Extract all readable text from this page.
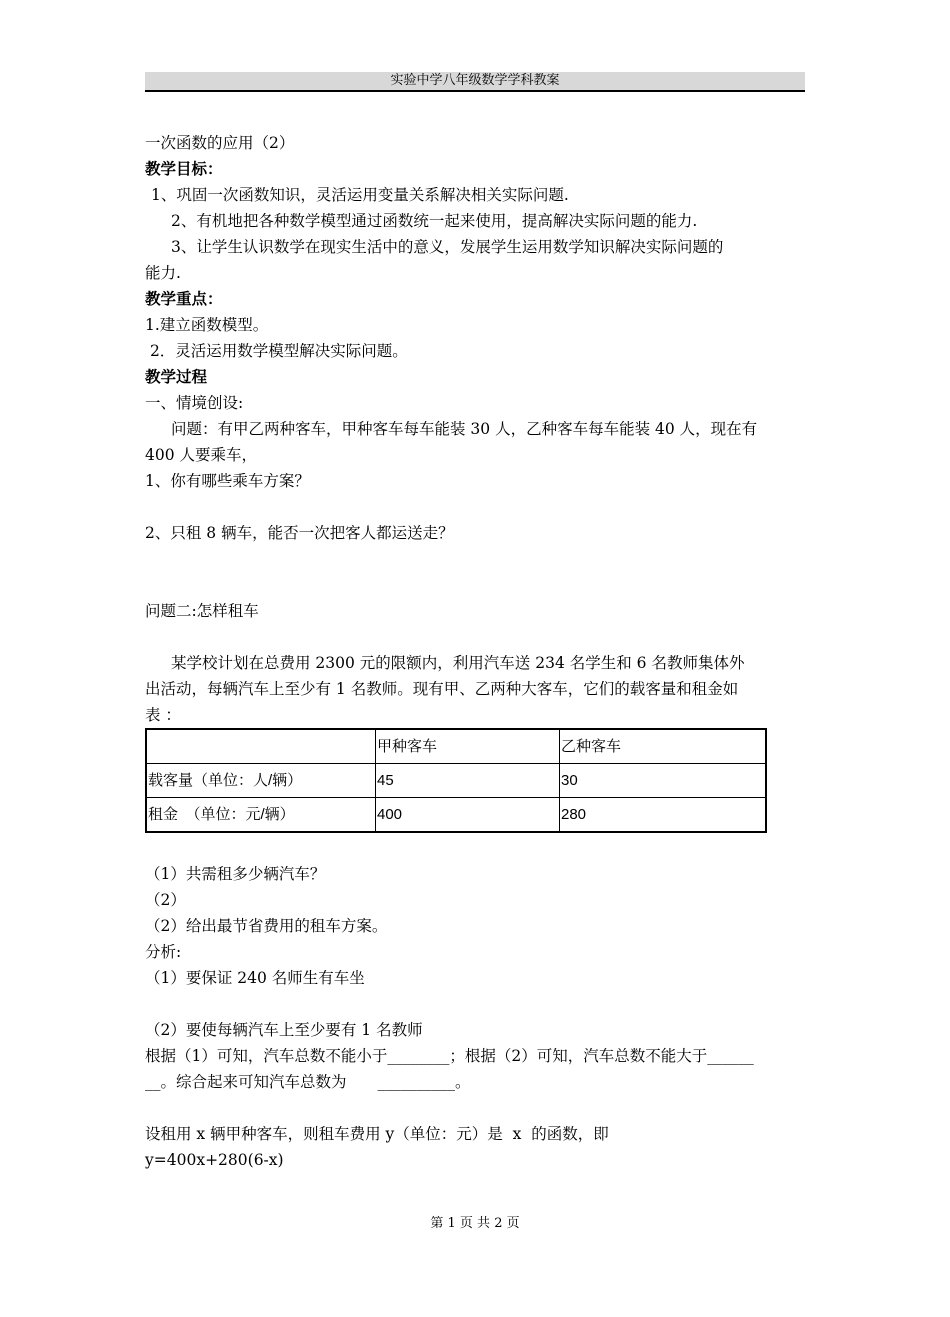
实验中学八年级数学学科教案

一次函数的应用（2）

教学目标：

1、巩固一次函数知识，灵活运用变量关系解决相关实际问题.

2、有机地把各种数学模型通过函数统一起来使用，提高解决实际问题的能力.

3、让学生认识数学在现实生活中的意义，发展学生运用数学知识解决实际问题的

能力.

教学重点：

1.建立函数模型。

2．灵活运用数学模型解决实际问题。

教学过程

一、情境创设:

问题：有甲乙两种客车，甲种客车每车能装 30 人，乙种客车每车能装 40 人，现在有

400 人要乘车，

1、你有哪些乘车方案？

2、只租 8 辆车，能否一次把客人都运送走？

问题二:怎样租车

某学校计划在总费用 2300 元的限额内，利用汽车送 234 名学生和 6 名教师集体外

出活动，每辆汽车上至少有 1 名教师。现有甲、乙两种大客车，它们的载客量和租金如

表 ：

	甲种客车	乙种客车
载客量（单位：人/辆）	45	30
租金　（单位：元/辆）	400	280

（1）共需租多少辆汽车？

（2）

（2）给出最节省费用的租车方案。

分析:

（1）要保证 240 名师生有车坐

（2）要使每辆汽车上至少要有 1 名教师

根据（1）可知，汽车总数不能小于________；根据（2）可知，汽车总数不能大于______

__。综合起来可知汽车总数为　　__________。

设租用 x 辆甲种客车，则租车费用 y（单位：元）是  x  的函数，即

y=400x+280(6-x)

第 1 页 共 2 页
